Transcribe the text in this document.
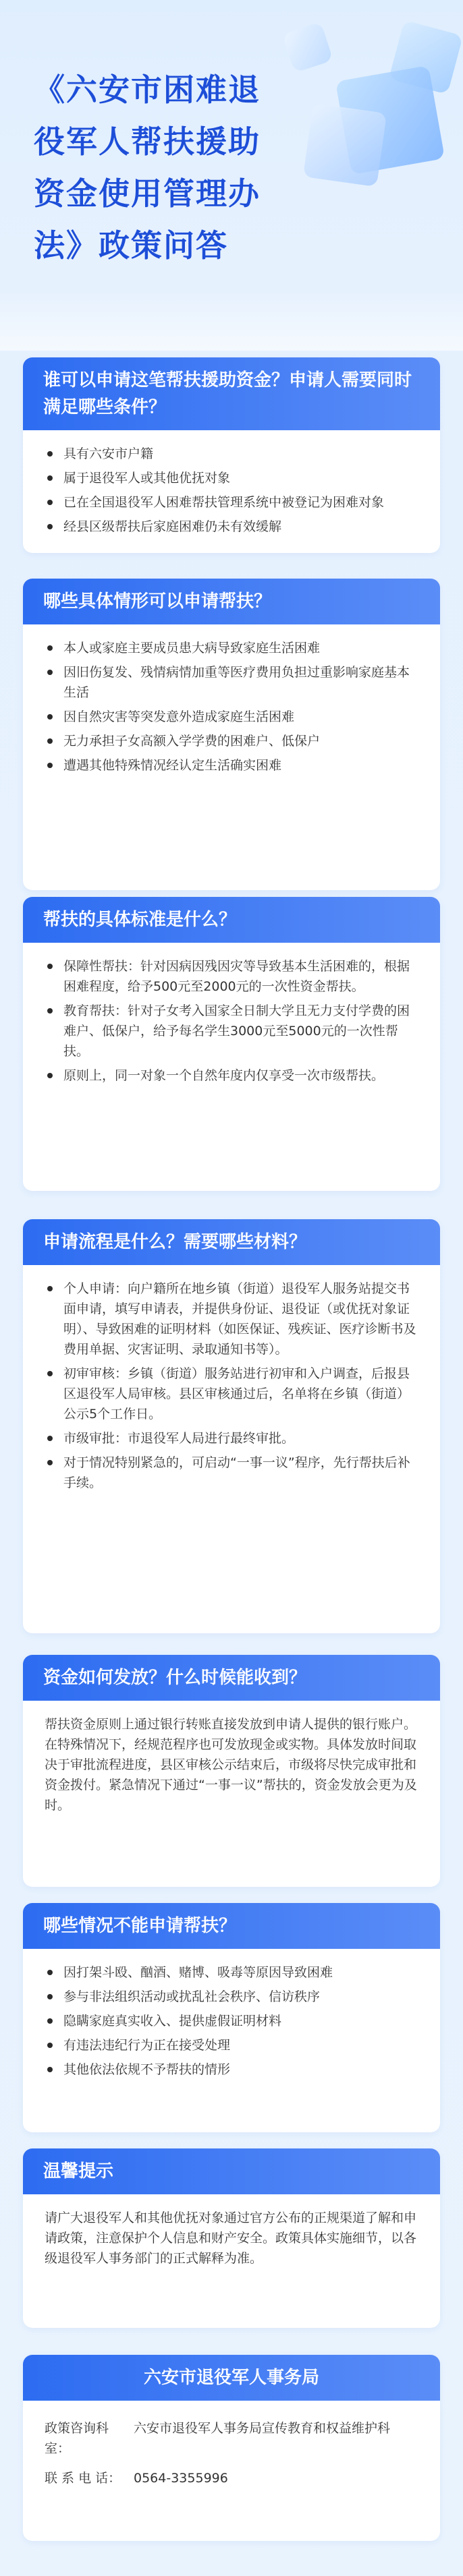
《六安市困难退
役军人帮扶援助
资金使用管理办
法》政策问答
谁可以申请这笔帮扶援助资金？申请人需要同时满足哪些条件？
具有六安市户籍
属于退役军人或其他优抚对象
已在全国退役军人困难帮扶管理系统中被登记为困难对象
经县区级帮扶后家庭困难仍未有效缓解
哪些具体情形可以申请帮扶？
本人或家庭主要成员患大病导致家庭生活困难
因旧伤复发、残情病情加重等医疗费用负担过重影响家庭基本生活
因自然灾害等突发意外造成家庭生活困难
无力承担子女高额入学学费的困难户、低保户
遭遇其他特殊情况经认定生活确实困难
帮扶的具体标准是什么？
保障性帮扶：针对因病因残因灾等导致基本生活困难的，根据困难程度，给予500元至2000元的一次性资金帮扶。
教育帮扶：针对子女考入国家全日制大学且无力支付学费的困难户、低保户，给予每名学生3000元至5000元的一次性帮扶。
原则上，同一对象一个自然年度内仅享受一次市级帮扶。
申请流程是什么？需要哪些材料？
个人申请：向户籍所在地乡镇（街道）退役军人服务站提交书面申请，填写申请表，并提供身份证、退役证（或优抚对象证明）、导致困难的证明材料（如医保证、残疾证、医疗诊断书及费用单据、灾害证明、录取通知书等）。
初审审核：乡镇（街道）服务站进行初审和入户调查，后报县区退役军人局审核。县区审核通过后，名单将在乡镇（街道）公示5个工作日。
市级审批：市退役军人局进行最终审批。
对于情况特别紧急的，可启动“一事一议”程序，先行帮扶后补手续。
资金如何发放？什么时候能收到？

帮扶资金原则上通过银行转账直接发放到申请人提供的银行账户。在特殊情况下，经规范程序也可发放现金或实物。具体发放时间取决于审批流程进度，县区审核公示结束后，市级将尽快完成审批和资金拨付。紧急情况下通过“一事一议”帮扶的，资金发放会更为及时。

哪些情况不能申请帮扶？
因打架斗殴、酗酒、赌博、吸毒等原因导致困难
参与非法组织活动或扰乱社会秩序、信访秩序
隐瞒家庭真实收入、提供虚假证明材料
有违法违纪行为正在接受处理
其他依法依规不予帮扶的情形
温馨提示

请广大退役军人和其他优抚对象通过官方公布的正规渠道了解和申请政策，注意保护个人信息和财产安全。政策具体实施细节，以各级退役军人事务部门的正式解释为准。

六安市退役军人事务局
政策咨询科室：
六安市退役军人事务局宣传教育和权益维护科
联 系 电 话： 0564-3355996
